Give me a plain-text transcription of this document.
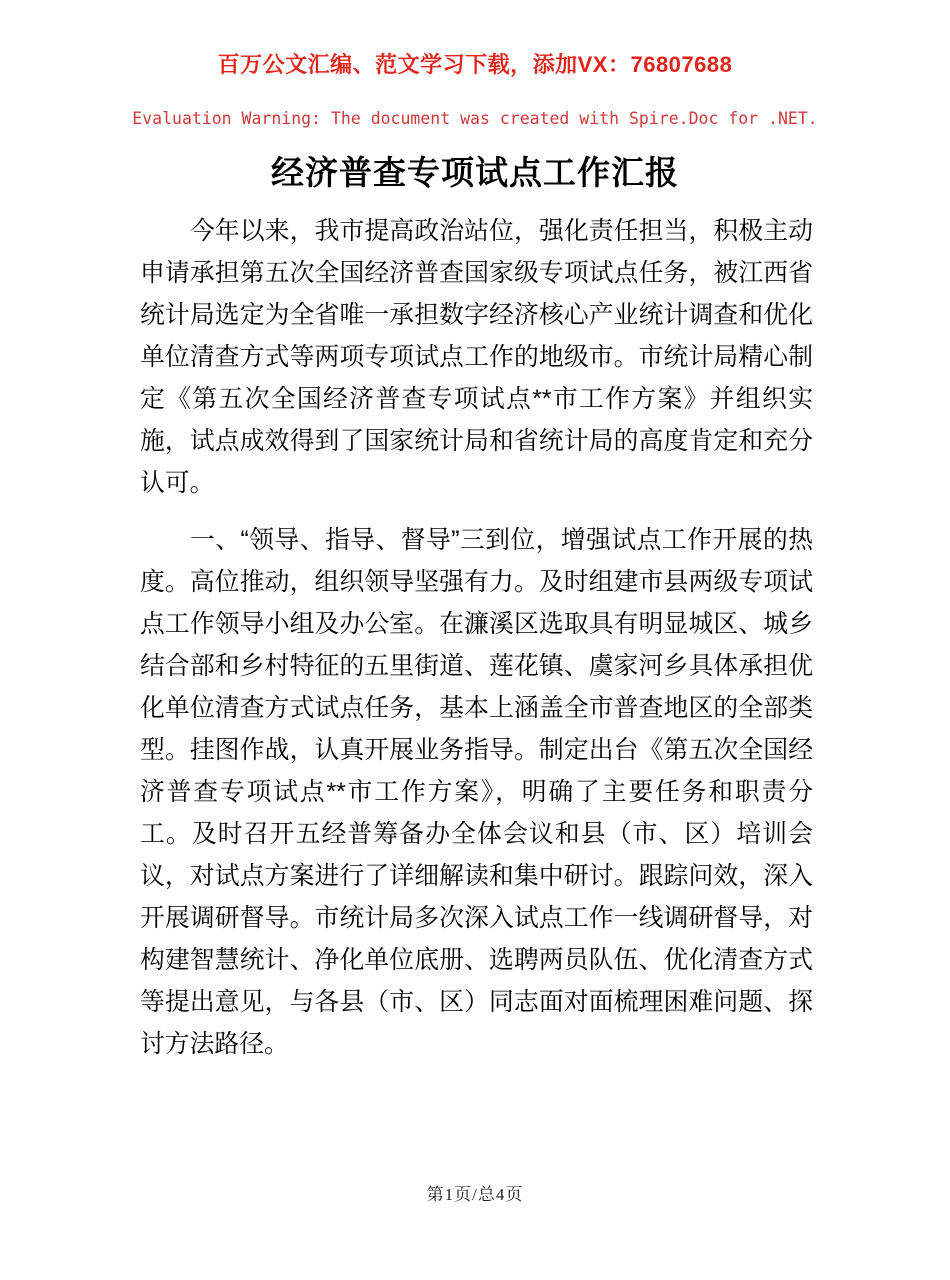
百万公文汇编、范文学习下载，添加VX：76807688
Evaluation Warning: The document was created with Spire.Doc for .NET.
经济普查专项试点工作汇报

今年以来，我市提高政治站位，强化责任担当，积极主动申请承担第五次全国经济普查国家级专项试点任务，被江西省统计局选定为全省唯一承担数字经济核心产业统计调查和优化单位清查方式等两项专项试点工作的地级市。市统计局精心制定《第五次全国经济普查专项试点**市工作方案》并组织实施，试点成效得到了国家统计局和省统计局的高度肯定和充分认可。

一、“领导、指导、督导”三到位，增强试点工作开展的热度。高位推动，组织领导坚强有力。及时组建市县两级专项试点工作领导小组及办公室。在濂溪区选取具有明显城区、城乡结合部和乡村特征的五里街道、莲花镇、虞家河乡具体承担优化单位清查方式试点任务，基本上涵盖全市普查地区的全部类型。挂图作战，认真开展业务指导。制定出台《第五次全国经济普查专项试点**市工作方案》，明确了主要任务和职责分工。及时召开五经普筹备办全体会议和县（市、区）培训会议，对试点方案进行了详细解读和集中研讨。跟踪问效，深入开展调研督导。市统计局多次深入试点工作一线调研督导，对构建智慧统计、净化单位底册、选聘两员队伍、优化清查方式等提出意见，与各县（市、区）同志面对面梳理困难问题、探讨方法路径。

第1页/总4页
